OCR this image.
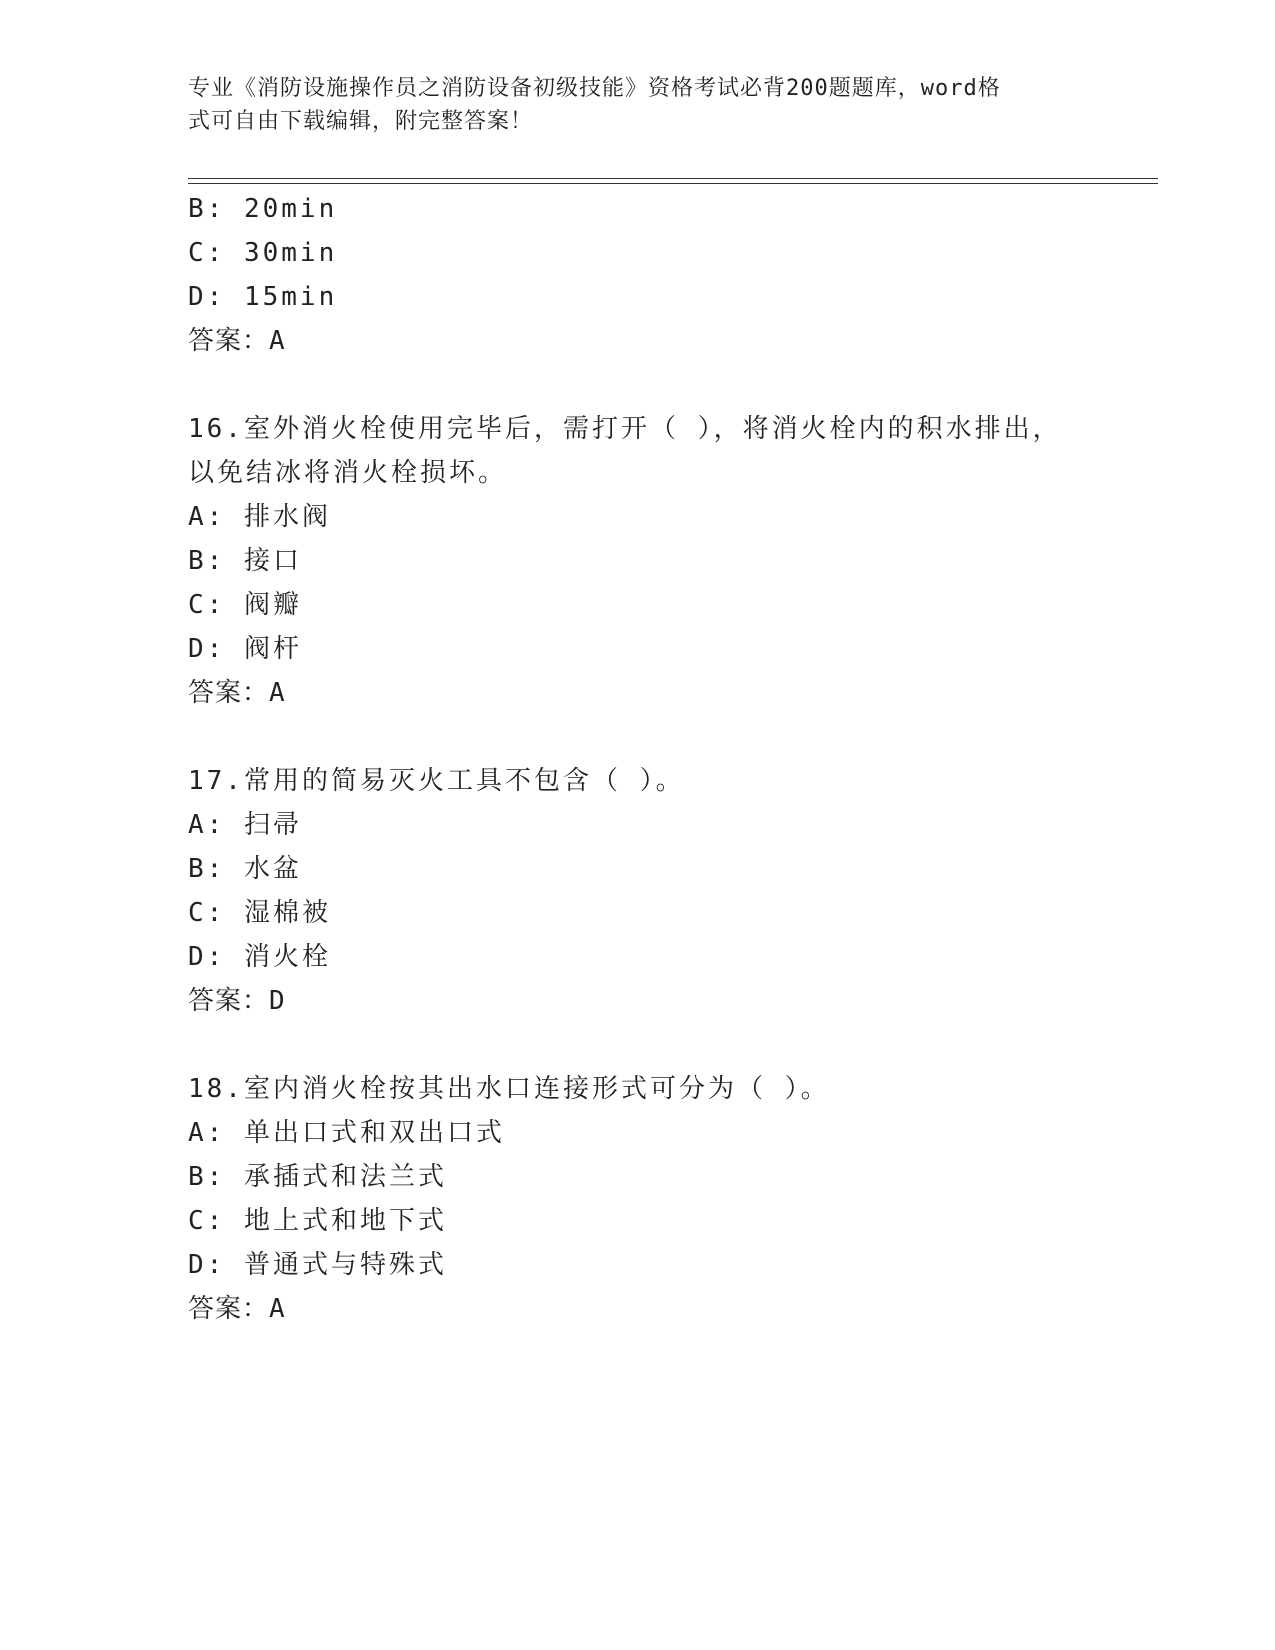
专业《消防设施操作员之消防设备初级技能》资格考试必背200题题库，word格
式可自由下载编辑，附完整答案！
B: 20min
C: 30min
D: 15min
答案：A
16.室外消火栓使用完毕后，需打开（ ），将消火栓内的积水排出，
以免结冰将消火栓损坏。
A: 排水阀
B: 接口
C: 阀瓣
D: 阀杆
答案：A
17.常用的简易灭火工具不包含（ ）。
A: 扫帚
B: 水盆
C: 湿棉被
D: 消火栓
答案：D
18.室内消火栓按其出水口连接形式可分为（ ）。
A: 单出口式和双出口式
B: 承插式和法兰式
C: 地上式和地下式
D: 普通式与特殊式
答案：A
